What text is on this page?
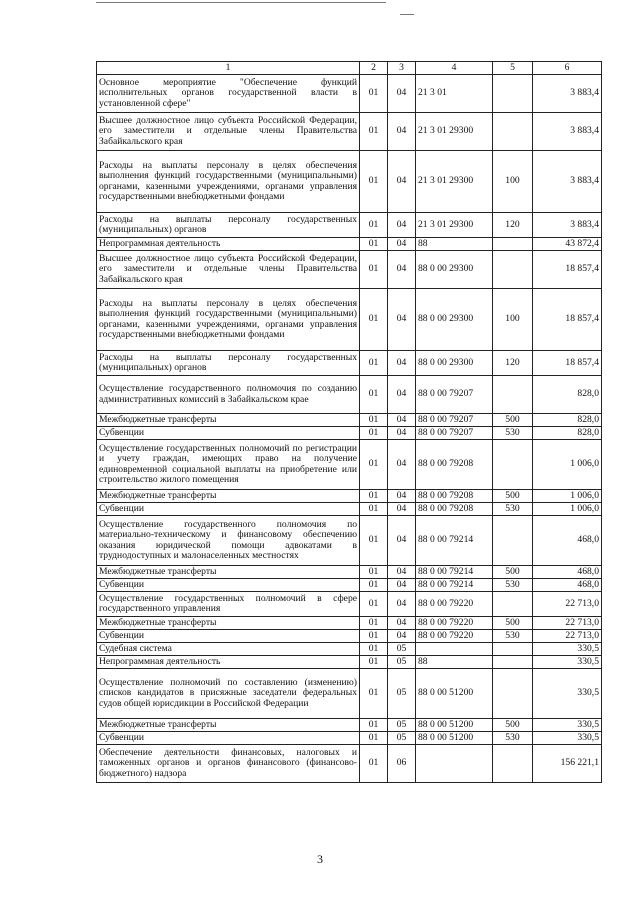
1	2	3	4	5	6
Основное мероприятие "Обеспечение функций исполнительных органов государственной власти в установленной сфере"	01	04	21 3 01		3 883,4
Высшее должностное лицо субъекта Российской Федерации, его заместители и отдельные члены Правительства Забайкальского края	01	04	21 3 01 29300		3 883,4
Расходы на выплаты персоналу в целях обеспечения выполнения функций государственными (муниципальными) органами, казенными учреждениями, органами управления государственными внебюджетными фондами	01	04	21 3 01 29300	100	3 883,4
Расходы на выплаты персоналу государственных (муниципальных) органов	01	04	21 3 01 29300	120	3 883,4
Непрограммная деятельность	01	04	88		43 872,4
Высшее должностное лицо субъекта Российской Федерации, его заместители и отдельные члены Правительства Забайкальского края	01	04	88 0 00 29300		18 857,4
Расходы на выплаты персоналу в целях обеспечения выполнения функций государственными (муниципальными) органами, казенными учреждениями, органами управления государственными внебюджетными фондами	01	04	88 0 00 29300	100	18 857,4
Расходы на выплаты персоналу государственных (муниципальных) органов	01	04	88 0 00 29300	120	18 857,4
Осуществление государственного полномочия по созданию административных комиссий в Забайкальском крае	01	04	88 0 00 79207		828,0
Межбюджетные трансферты	01	04	88 0 00 79207	500	828,0
Субвенции	01	04	88 0 00 79207	530	828,0
Осуществление государственных полномочий по регистрации и учету граждан, имеющих право на получение единовременной социальной выплаты на приобретение или строительство жилого помещения	01	04	88 0 00 79208		1 006,0
Межбюджетные трансферты	01	04	88 0 00 79208	500	1 006,0
Субвенции	01	04	88 0 00 79208	530	1 006,0
Осуществление государственного полномочия по материально-техническому и финансовому обеспечению оказания юридической помощи адвокатами в труднодоступных и малонаселенных местностях	01	04	88 0 00 79214		468,0
Межбюджетные трансферты	01	04	88 0 00 79214	500	468,0
Субвенции	01	04	88 0 00 79214	530	468,0
Осуществление государственных полномочий в сфере государственного управления	01	04	88 0 00 79220		22 713,0
Межбюджетные трансферты	01	04	88 0 00 79220	500	22 713,0
Субвенции	01	04	88 0 00 79220	530	22 713,0
Судебная система	01	05			330,5
Непрограммная деятельность	01	05	88		330,5
Осуществление полномочий по составлению (изменению) списков кандидатов в присяжные заседатели федеральных судов общей юрисдикции в Российской Федерации	01	05	88 0 00 51200		330,5
Межбюджетные трансферты	01	05	88 0 00 51200	500	330,5
Субвенции	01	05	88 0 00 51200	530	330,5
Обеспечение деятельности финансовых, налоговых и таможенных органов и органов финансового (финансово-бюджетного) надзора	01	06			156 221,1
3
